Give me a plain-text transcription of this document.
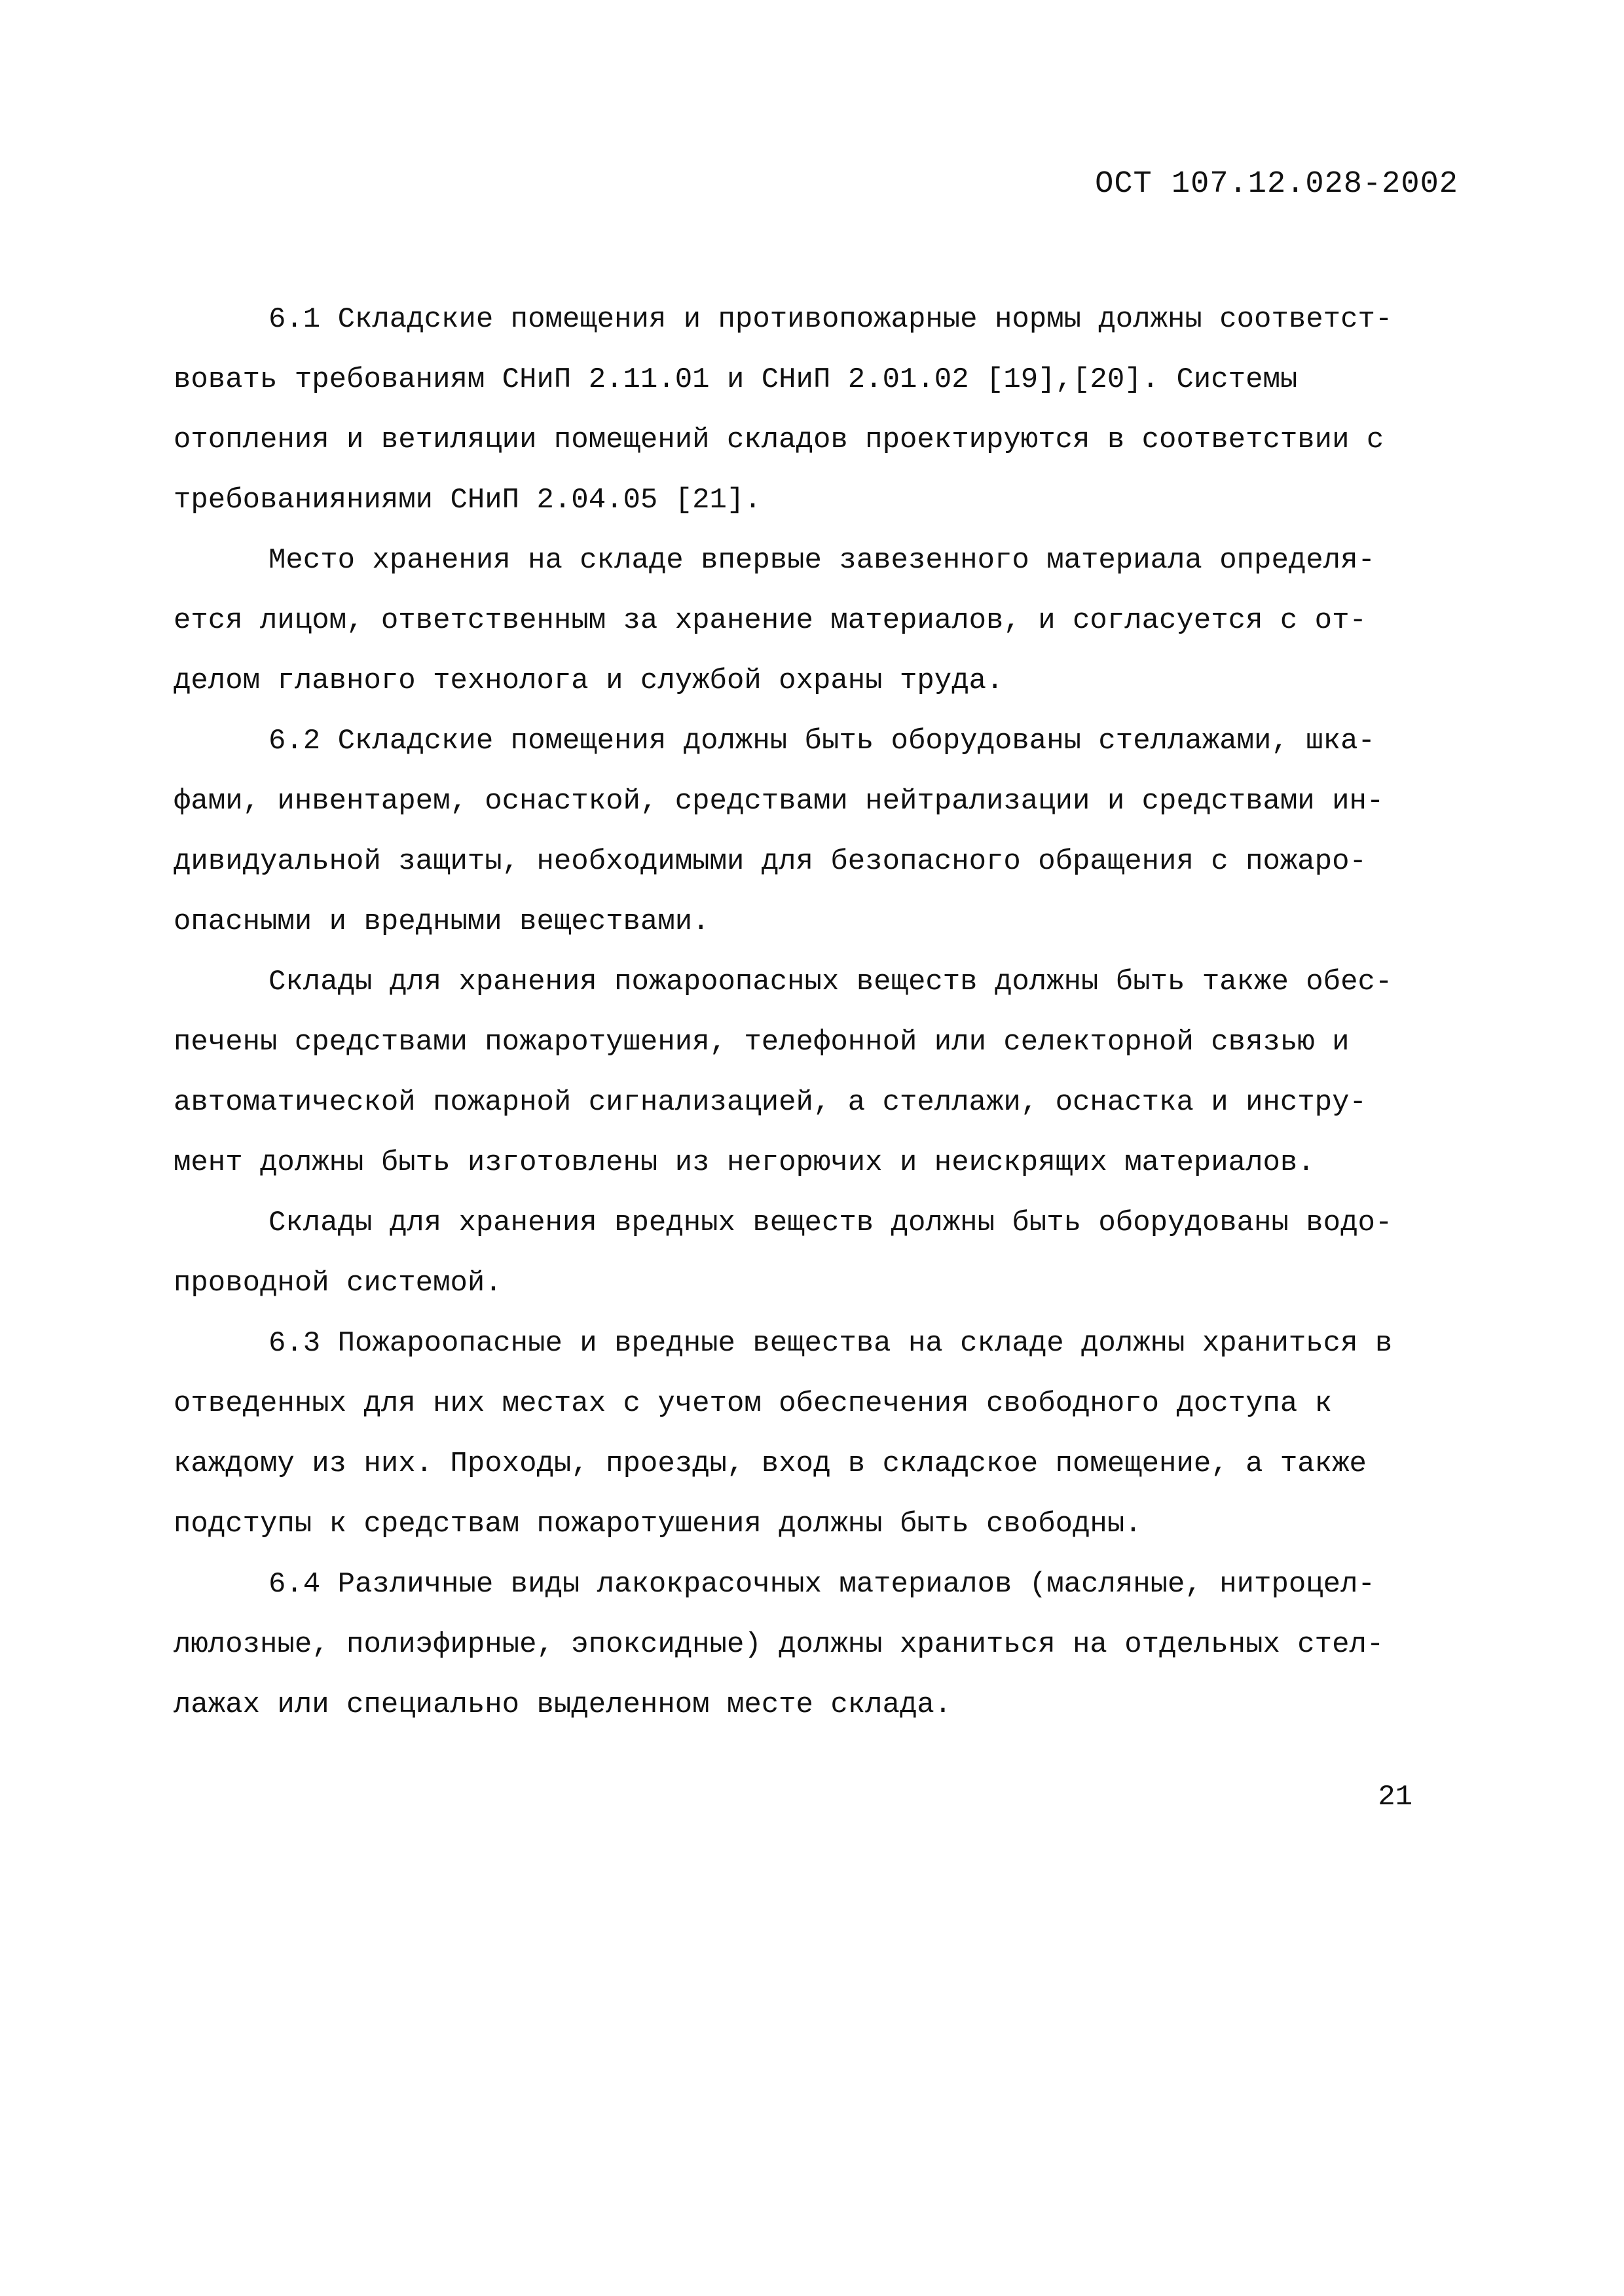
ОСТ 107.12.028-2002
6.1 Складские помещения и противопожарные нормы должны соответст-
вовать требованиям СНиП 2.11.01 и СНиП 2.01.02 [19],[20]. Системы
отопления и ветиляции помещений складов проектируются в соответствии с
требованияниями СНиП 2.04.05 [21].
Место хранения на складе впервые завезенного материала определя-
ется лицом, ответственным за хранение материалов, и согласуется с от-
делом главного технолога и службой охраны труда.
6.2 Складские помещения должны быть оборудованы стеллажами, шка-
фами, инвентарем, оснасткой, средствами нейтрализации и средствами ин-
дивидуальной защиты, необходимыми для безопасного обращения с пожаро-
опасными и вредными веществами.
Склады для хранения пожароопасных веществ должны быть также обес-
печены средствами пожаротушения, телефонной или селекторной связью и
автоматической пожарной сигнализацией, а стеллажи, оснастка и инстру-
мент должны быть изготовлены из негорючих и неискрящих материалов.
Склады для хранения вредных веществ должны быть оборудованы водо-
проводной системой.
6.3 Пожароопасные и вредные вещества на складе должны храниться в
отведенных для них местах с учетом обеспечения свободного доступа к
каждому из них. Проходы, проезды, вход в складское помещение, а также
подступы к средствам пожаротушения должны быть свободны.
6.4 Различные виды лакокрасочных материалов (масляные, нитроцел-
люлозные, полиэфирные, эпоксидные) должны храниться на отдельных стел-
лажах или специально выделенном месте склада.
21
